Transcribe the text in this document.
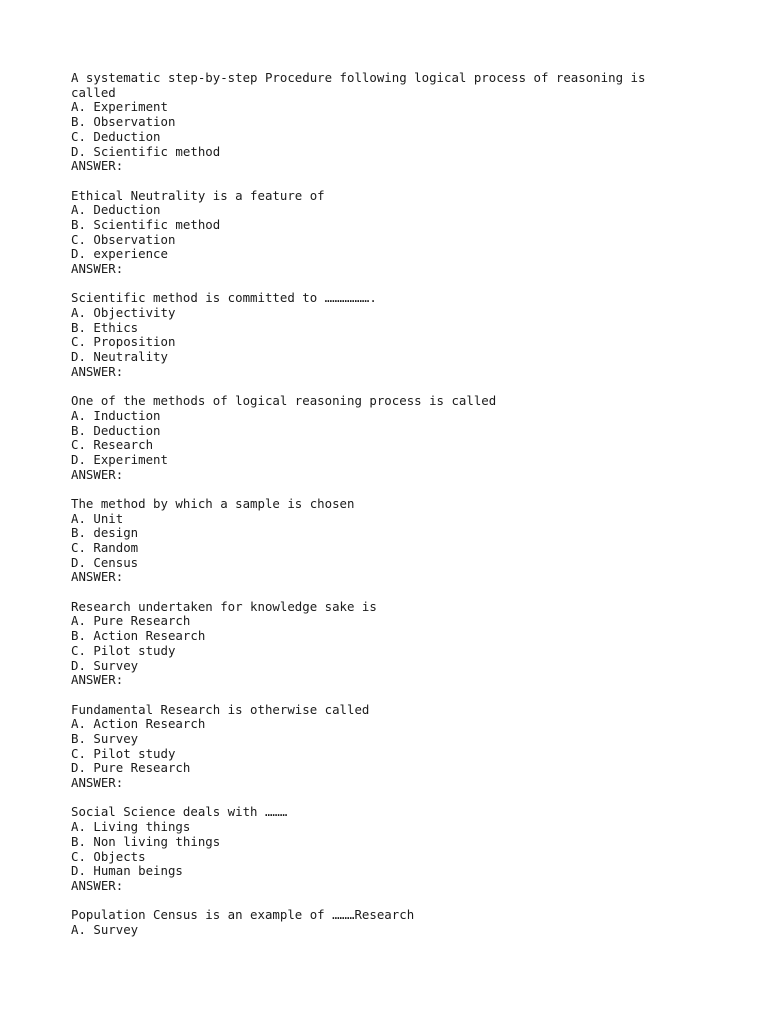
A systematic step-by-step Procedure following logical process of reasoning is called
A. Experiment
B. Observation
C. Deduction
D. Scientific method
ANSWER:
Ethical Neutrality is a feature of
A. Deduction
B. Scientific method
C. Observation
D. experience
ANSWER:
Scientific method is committed to ……………….
A. Objectivity
B. Ethics
C. Proposition
D. Neutrality
ANSWER:
One of the methods of logical reasoning process is called
A. Induction
B. Deduction
C. Research
D. Experiment
ANSWER:
The method by which a sample is chosen
A. Unit
B. design
C. Random
D. Census
ANSWER:
Research undertaken for knowledge sake is
A. Pure Research
B. Action Research
C. Pilot study
D. Survey
ANSWER:
Fundamental Research is otherwise called
A. Action Research
B. Survey
C. Pilot study
D. Pure Research
ANSWER:
Social Science deals with ………
A. Living things
B. Non living things
C. Objects
D. Human beings
ANSWER:
Population Census is an example of ………Research
A. Survey
